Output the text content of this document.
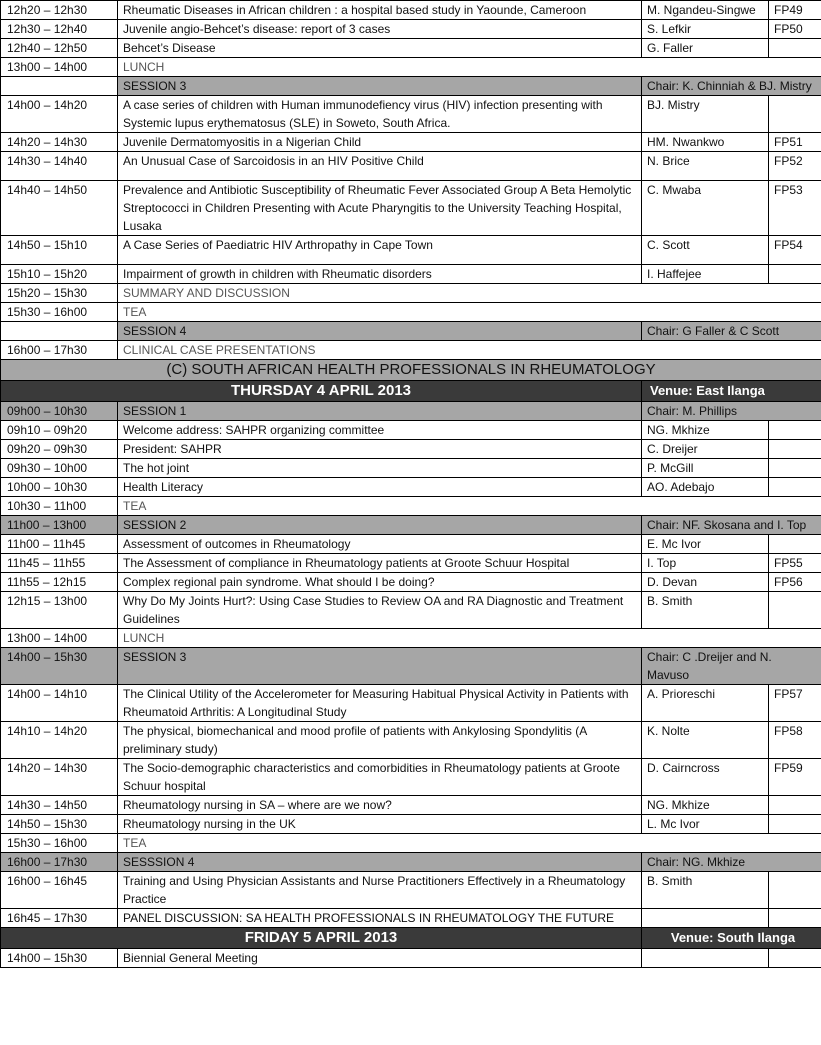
12h20 – 12h30	Rheumatic Diseases in African children : a hospital based study in Yaounde, Cameroon	M. Ngandeu-Singwe	FP49
12h30 – 12h40	Juvenile angio-Behcet’s disease: report of 3 cases	S. Lefkir	FP50
12h40 – 12h50	Behcet’s Disease	G. Faller	
13h00 – 14h00	LUNCH		
	SESSION 3	Chair: K. Chinniah & BJ. Mistry	
14h00 – 14h20	A case series of children with Human immunodefiency virus (HIV) infection presenting with Systemic lupus erythematosus (SLE) in Soweto, South Africa.	BJ. Mistry	
14h20 – 14h30	Juvenile Dermatomyositis in a Nigerian Child	HM. Nwankwo	FP51
14h30 – 14h40	An Unusual Case of Sarcoidosis in an HIV Positive Child	N. Brice	FP52
14h40 – 14h50	Prevalence and Antibiotic Susceptibility of Rheumatic Fever Associated Group A Beta Hemolytic Streptococci in Children Presenting with Acute Pharyngitis to the University Teaching Hospital, Lusaka	C. Mwaba	FP53
14h50 – 15h10	A Case Series of Paediatric HIV Arthropathy in Cape Town	C. Scott	FP54
15h10 – 15h20	Impairment of growth in children with Rheumatic disorders	I. Haffejee	
15h20 – 15h30	SUMMARY AND DISCUSSION		
15h30 – 16h00	TEA		
	SESSION 4	Chair: G Faller & C Scott	
16h00 – 17h30	CLINICAL CASE PRESENTATIONS		
(C) SOUTH AFRICAN HEALTH PROFESSIONALS IN RHEUMATOLOGY			
THURSDAY 4 APRIL 2013		Venue: East Ilanga	
09h00 – 10h30	SESSION 1	Chair: M. Phillips	
09h10 – 09h20	Welcome address: SAHPR organizing committee	NG. Mkhize	
09h20 – 09h30	President: SAHPR	C. Dreijer	
09h30 – 10h00	The hot joint	P. McGill	
10h00 – 10h30	Health Literacy	AO. Adebajo	
10h30 – 11h00	TEA		
11h00 – 13h00	SESSION 2	Chair: NF. Skosana and I. Top	
11h00 – 11h45	Assessment of outcomes in Rheumatology	E. Mc Ivor	
11h45 – 11h55	The Assessment of compliance in Rheumatology patients at Groote Schuur Hospital	I. Top	FP55
11h55 – 12h15	Complex regional pain syndrome. What should I be doing?	D. Devan	FP56
12h15 – 13h00	Why Do My Joints Hurt?: Using Case Studies to Review OA and RA Diagnostic and Treatment Guidelines	B. Smith	
13h00 – 14h00	LUNCH		
14h00 – 15h30	SESSION 3	Chair: C .Dreijer and N. Mavuso	
14h00 – 14h10	The Clinical Utility of the Accelerometer for Measuring Habitual Physical Activity in Patients with Rheumatoid Arthritis: A Longitudinal Study	A. Prioreschi	FP57
14h10 – 14h20	The physical, biomechanical and mood profile of patients with Ankylosing Spondylitis (A preliminary study)	K. Nolte	FP58
14h20 – 14h30	The Socio-demographic characteristics and comorbidities in Rheumatology patients at Groote Schuur hospital	D. Cairncross	FP59
14h30 – 14h50	Rheumatology nursing in SA – where are we now?	NG. Mkhize	
14h50 – 15h30	Rheumatology nursing in the UK	L. Mc Ivor	
15h30 – 16h00	TEA		
16h00 – 17h30	SESSSION 4	Chair: NG. Mkhize	
16h00 – 16h45	Training and Using Physician Assistants and Nurse Practitioners Effectively in a Rheumatology Practice	B. Smith	
16h45 – 17h30	PANEL DISCUSSION: SA HEALTH PROFESSIONALS IN RHEUMATOLOGY THE FUTURE		
FRIDAY 5 APRIL 2013		Venue: South Ilanga	
14h00 – 15h30	Biennial General Meeting		
